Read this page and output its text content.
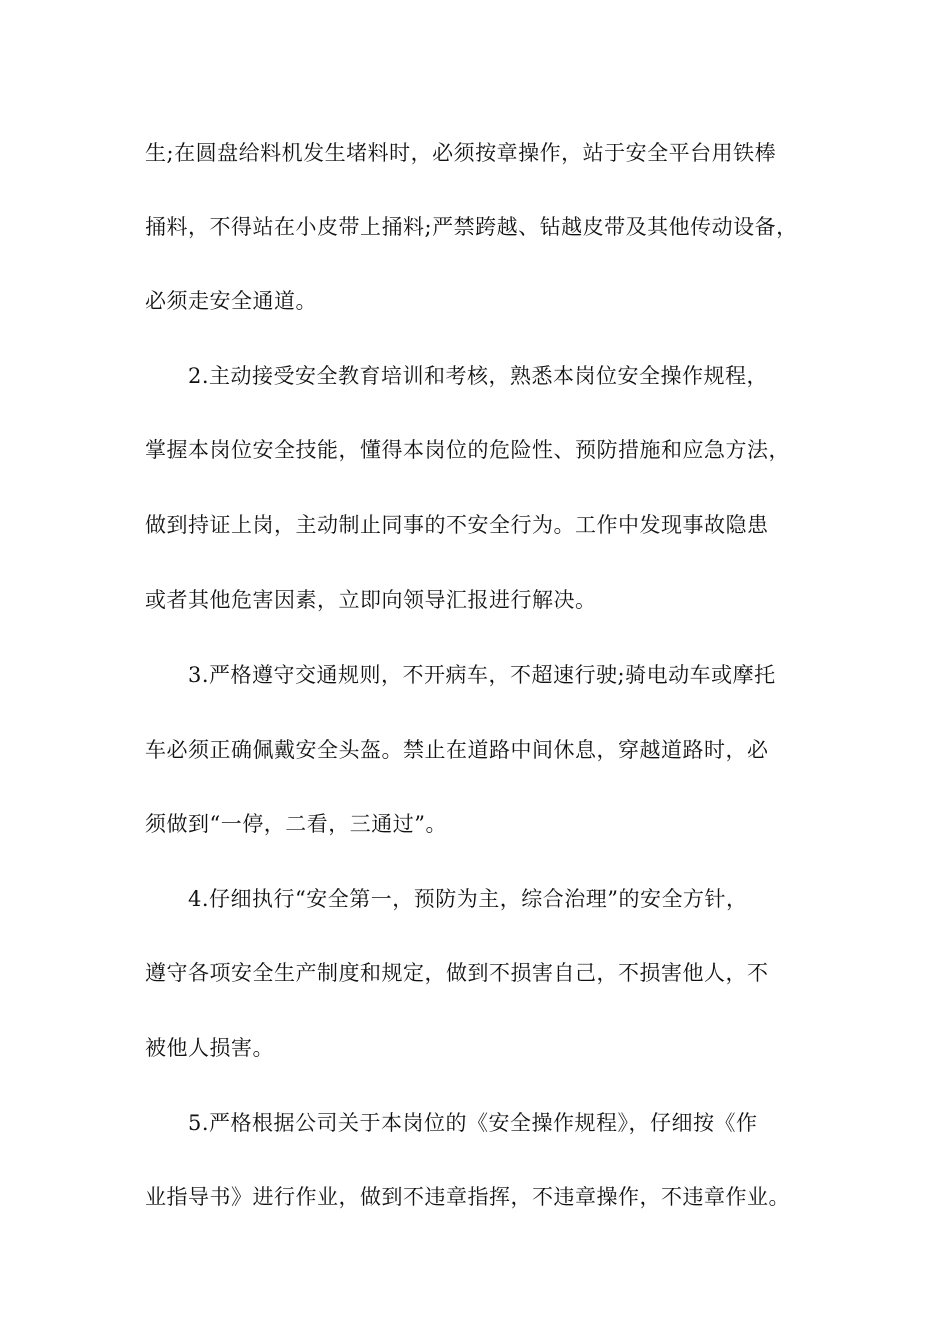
生;在圆盘给料机发生堵料时，必须按章操作，站于安全平台用铁棒
捅料，不得站在小皮带上捅料;严禁跨越、钻越皮带及其他传动设备，
必须走安全通道。
2.主动接受安全教育培训和考核，熟悉本岗位安全操作规程，
掌握本岗位安全技能，懂得本岗位的危险性、预防措施和应急方法，
做到持证上岗，主动制止同事的不安全行为。工作中发现事故隐患
或者其他危害因素，立即向领导汇报进行解决。
3.严格遵守交通规则，不开病车，不超速行驶;骑电动车或摩托
车必须正确佩戴安全头盔。禁止在道路中间休息，穿越道路时，必
须做到“一停，二看，三通过”。
4.仔细执行“安全第一，预防为主，综合治理”的安全方针，
遵守各项安全生产制度和规定，做到不损害自己，不损害他人，不
被他人损害。
5.严格根据公司关于本岗位的《安全操作规程》，仔细按《作
业指导书》进行作业，做到不违章指挥，不违章操作，不违章作业。
